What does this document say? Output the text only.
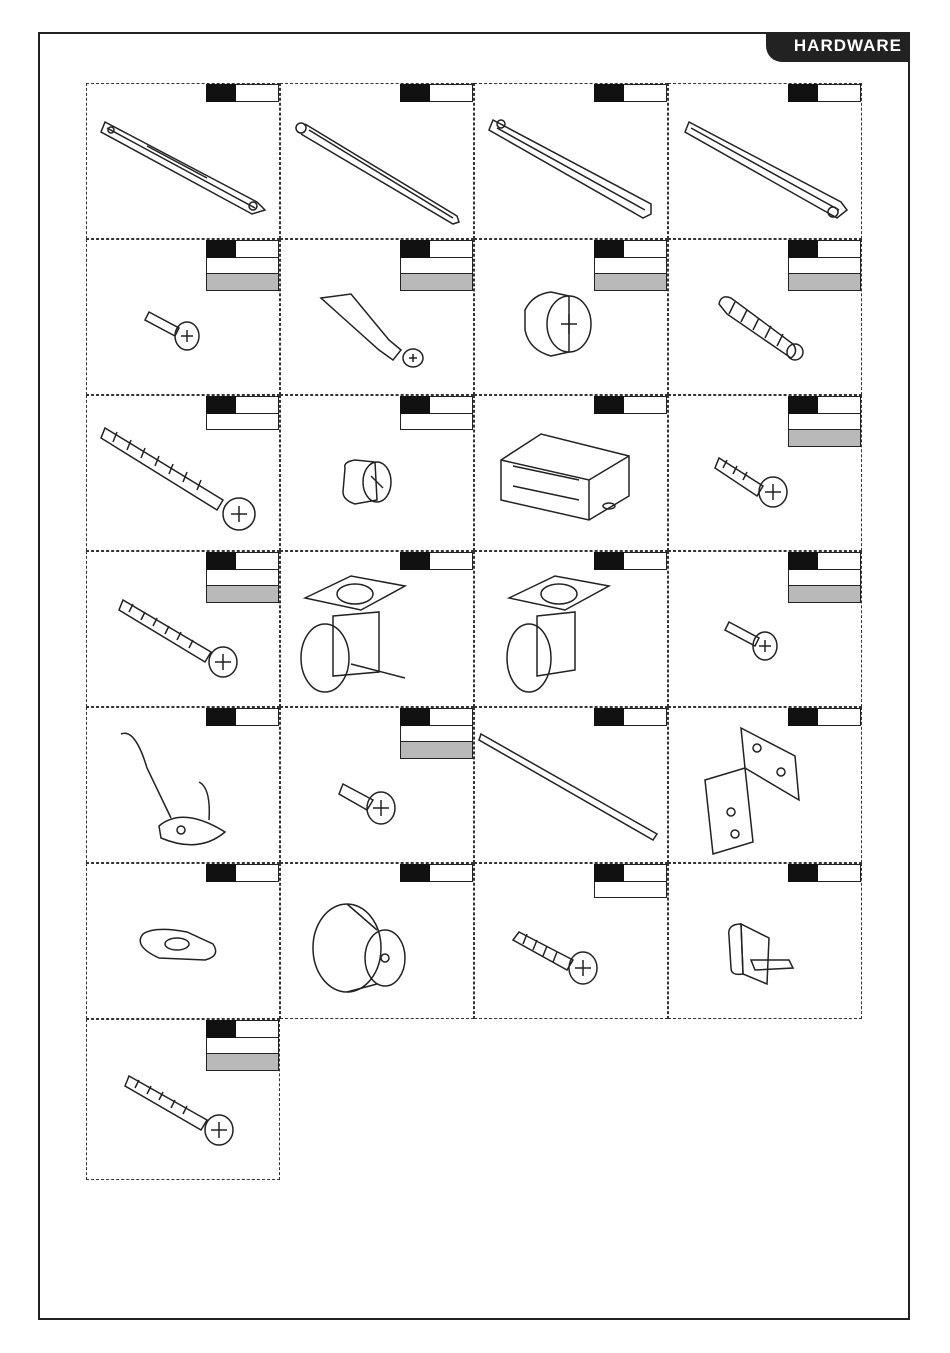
HARDWARE
